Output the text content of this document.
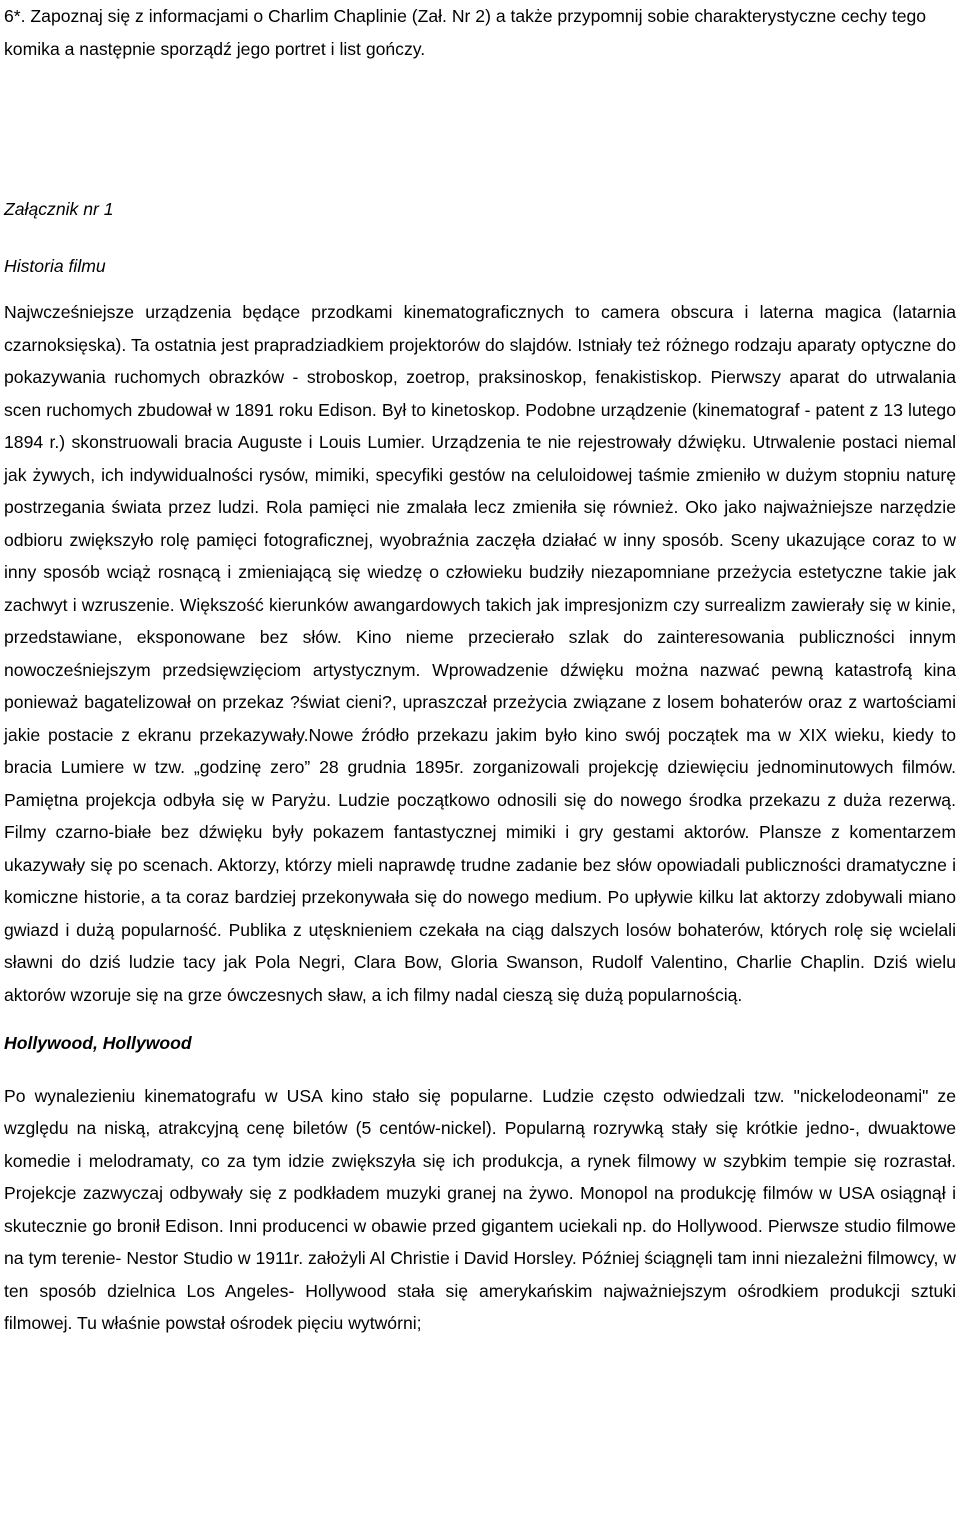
6*. Zapoznaj się z informacjami o Charlim Chaplinie (Zał. Nr 2) a także przypomnij sobie charakterystyczne cechy tego komika a następnie sporządź jego portret i list gończy.

Załącznik nr 1

Historia filmu

Najwcześniejsze urządzenia będące przodkami kinematograficznych to camera obscura i laterna magica (latarnia czarnoksięska). Ta ostatnia jest prapradziadkiem projektorów do slajdów. Istniały też różnego rodzaju aparaty optyczne do pokazywania ruchomych obrazków - stroboskop, zoetrop, praksinoskop, fenakistiskop. Pierwszy aparat do utrwalania scen ruchomych zbudował w 1891 roku Edison. Był to kinetoskop. Podobne urządzenie (kinematograf - patent z 13 lutego 1894 r.) skonstruowali bracia Auguste i Louis Lumier. Urządzenia te nie rejestrowały dźwięku. Utrwalenie postaci niemal jak żywych, ich indywidualności rysów, mimiki, specyfiki gestów na celuloidowej taśmie zmieniło w dużym stopniu naturę postrzegania świata przez ludzi. Rola pamięci nie zmalała lecz zmieniła się również. Oko jako najważniejsze narzędzie odbioru zwiększyło rolę pamięci fotograficznej, wyobraźnia zaczęła działać w inny sposób. Sceny ukazujące coraz to w inny sposób wciąż rosnącą i zmieniającą się wiedzę o człowieku budziły niezapomniane przeżycia estetyczne takie jak zachwyt i wzruszenie. Większość kierunków awangardowych takich jak impresjonizm czy surrealizm zawierały się w kinie, przedstawiane, eksponowane bez słów. Kino nieme przecierało szlak do zainteresowania publiczności innym nowocześniejszym przedsięwzięciom artystycznym. Wprowadzenie dźwięku można nazwać pewną katastrofą kina ponieważ bagatelizował on przekaz ?świat cieni?, upraszczał przeżycia związane z losem bohaterów oraz z wartościami jakie postacie z ekranu przekazywały.Nowe źródło przekazu jakim było kino swój początek ma w XIX wieku, kiedy to bracia Lumiere w tzw. „godzinę zero” 28 grudnia 1895r. zorganizowali projekcję dziewięciu jednominutowych filmów. Pamiętna projekcja odbyła się w Paryżu. Ludzie początkowo odnosili się do nowego środka przekazu z duża rezerwą. Filmy czarno-białe bez dźwięku były pokazem fantastycznej mimiki i gry gestami aktorów. Plansze z komentarzem ukazywały się po scenach. Aktorzy, którzy mieli naprawdę trudne zadanie bez słów opowiadali publiczności dramatyczne i komiczne historie, a ta coraz bardziej przekonywała się do nowego medium. Po upływie kilku lat aktorzy zdobywali miano gwiazd i dużą popularność. Publika z utęsknieniem czekała na ciąg dalszych losów bohaterów, których rolę się wcielali sławni do dziś ludzie tacy jak Pola Negri, Clara Bow, Gloria Swanson, Rudolf Valentino, Charlie Chaplin. Dziś wielu aktorów wzoruje się na grze ówczesnych sław, a ich filmy nadal cieszą się dużą popularnością.

Hollywood, Hollywood

Po wynalezieniu kinematografu w USA kino stało się popularne. Ludzie często odwiedzali tzw. "nickelodeonami" ze względu na niską, atrakcyjną cenę biletów (5 centów-nickel). Popularną rozrywką stały się krótkie jedno-, dwuaktowe komedie i melodramaty, co za tym idzie zwiększyła się ich produkcja, a rynek filmowy w szybkim tempie się rozrastał. Projekcje zazwyczaj odbywały się z podkładem muzyki granej na żywo. Monopol na produkcję filmów w USA osiągnął i skutecznie go bronił Edison. Inni producenci w obawie przed gigantem uciekali np. do Hollywood. Pierwsze studio filmowe na tym terenie- Nestor Studio w 1911r. założyli Al Christie i David Horsley. Później ściągnęli tam inni niezależni filmowcy, w ten sposób dzielnica Los Angeles- Hollywood stała się amerykańskim najważniejszym ośrodkiem produkcji sztuki filmowej. Tu właśnie powstał ośrodek pięciu wytwórni;
